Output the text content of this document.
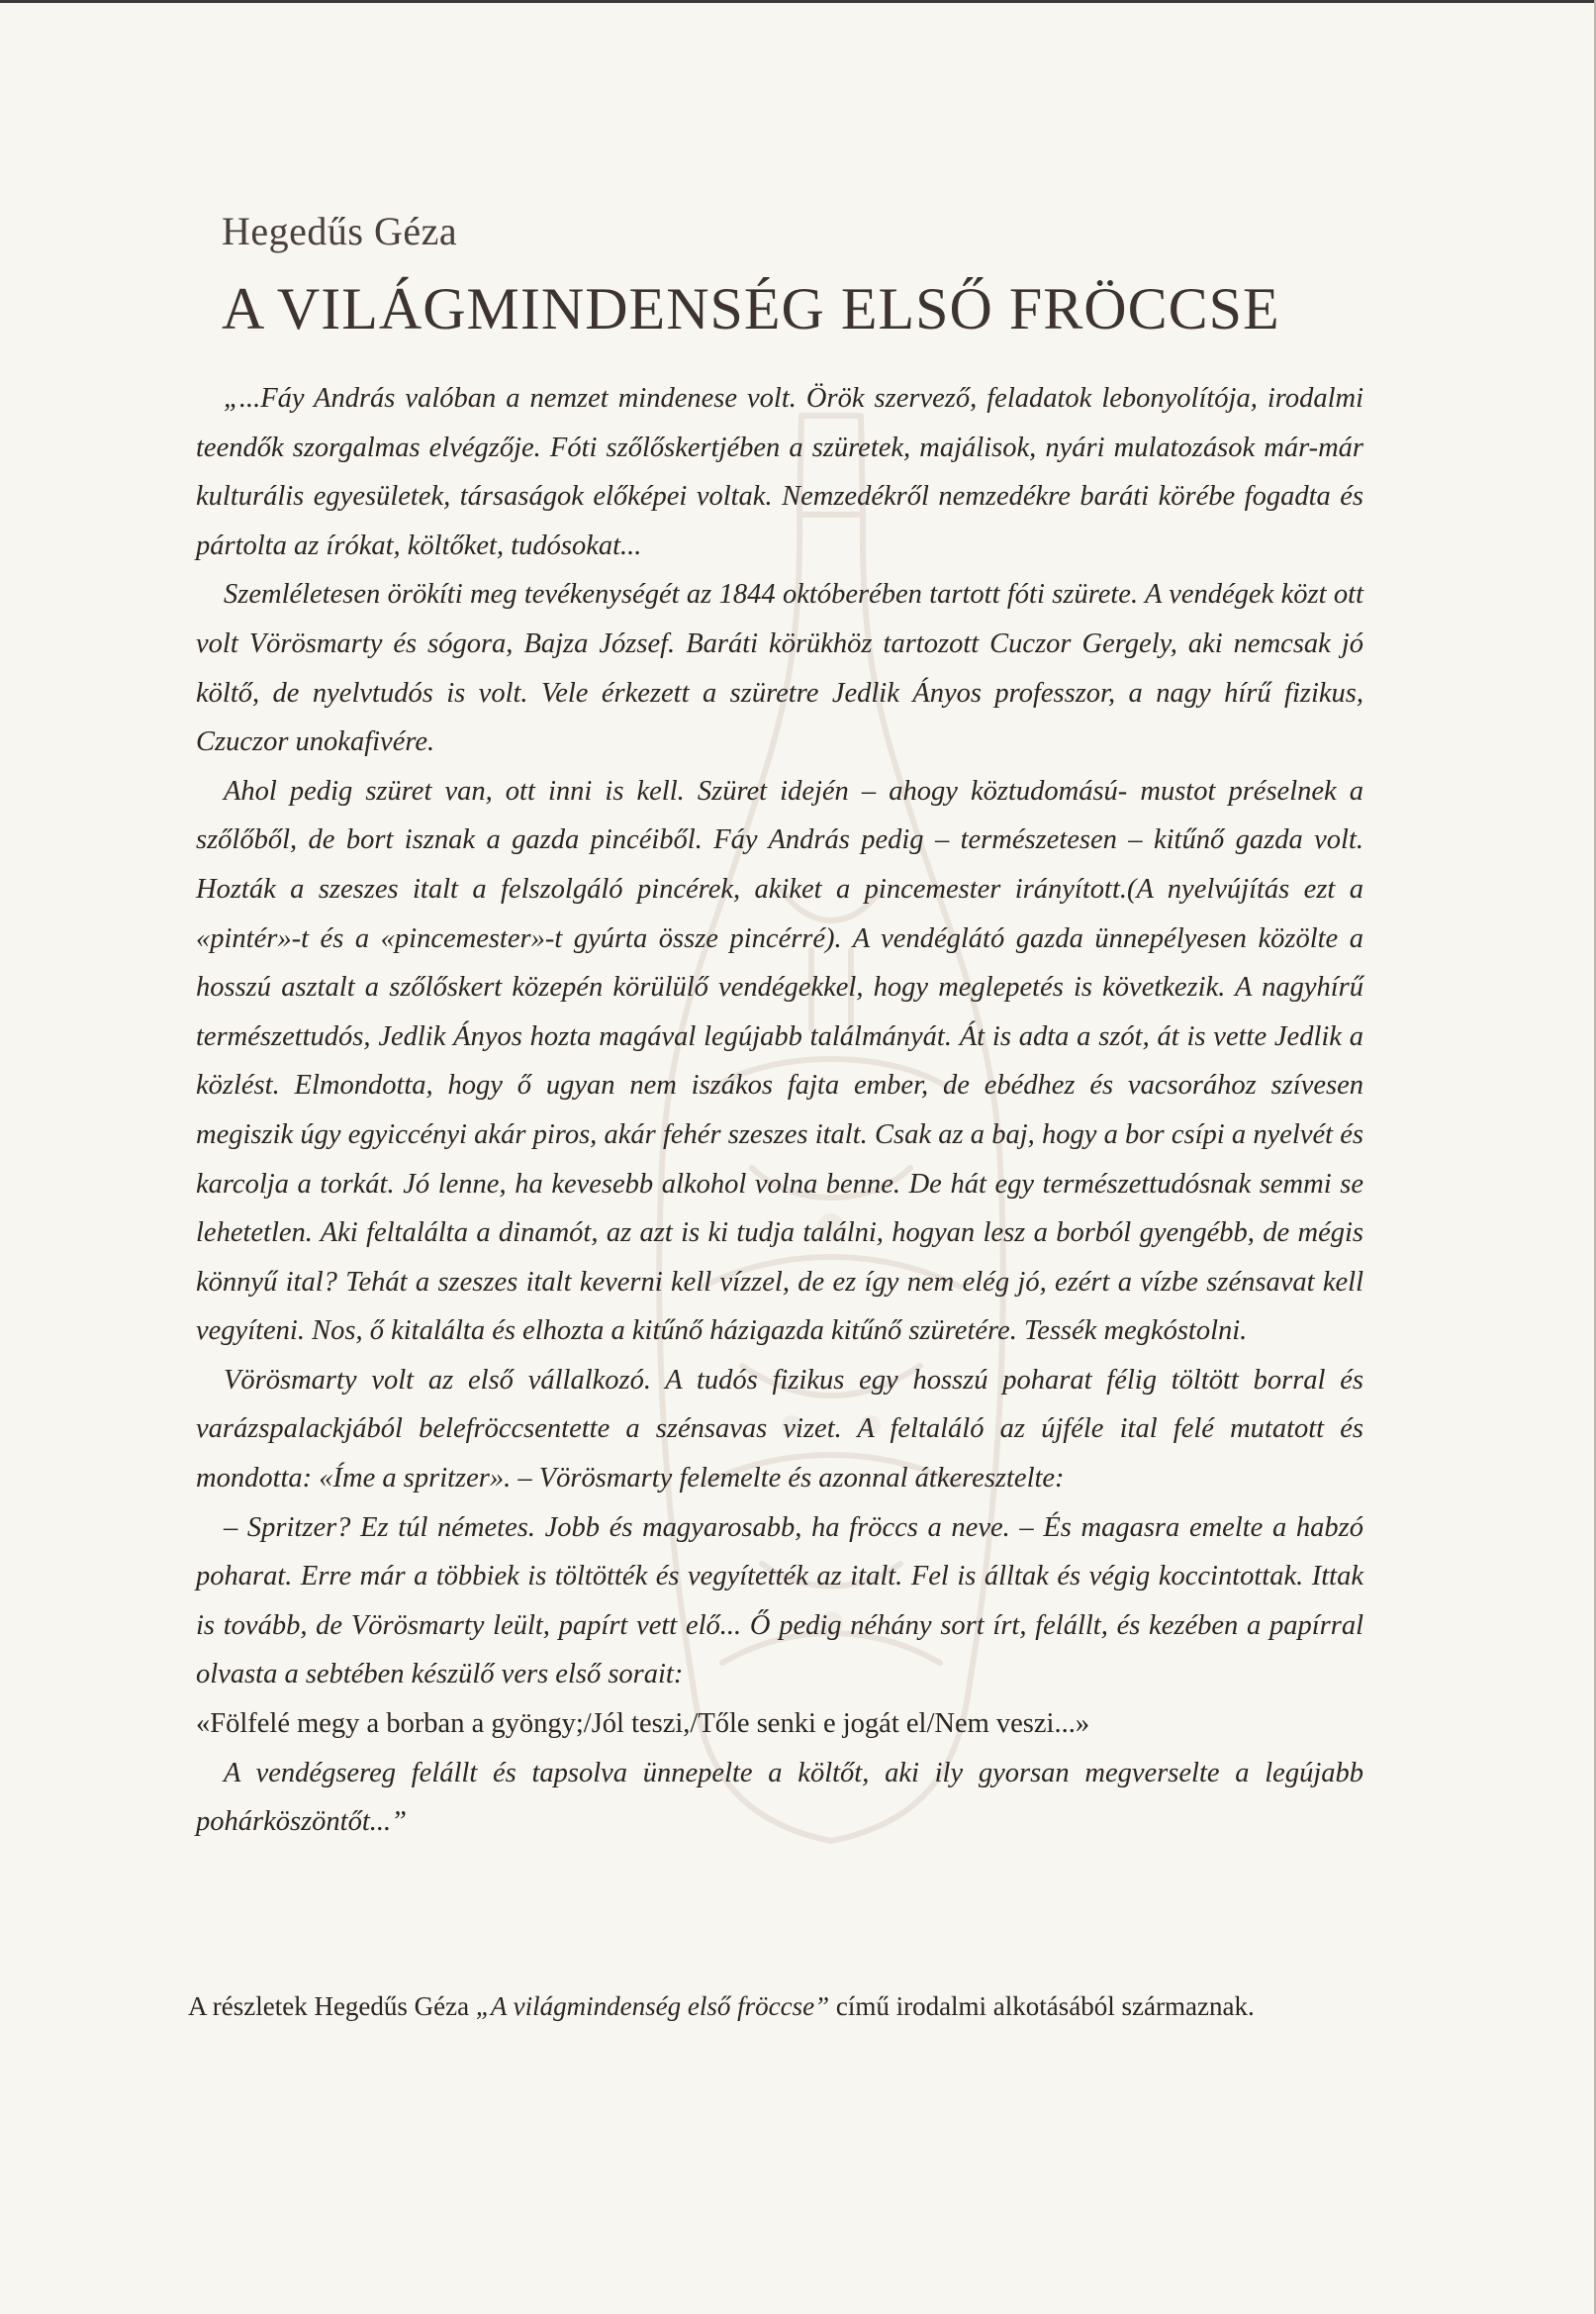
Hegedűs Géza
A VILÁGMINDENSÉG ELSŐ FRÖCCSE

„...Fáy András valóban a nemzet mindenese volt. Örök szervező, feladatok lebonyolítója, irodalmi teendők szorgalmas elvégzője. Fóti szőlőskertjében a szüretek, majálisok, nyári mulatozások már-már kulturális egyesületek, társaságok előképei voltak. Nemzedékről nemzedékre baráti körébe fogadta és pártolta az írókat, költőket, tudósokat...

Szemléletesen örökíti meg tevékenységét az 1844 októberében tartott fóti szürete. A vendégek közt ott volt Vörösmarty és sógora, Bajza József. Baráti körükhöz tartozott Cuczor Gergely, aki nemcsak jó költő, de nyelvtudós is volt. Vele érkezett a szüretre Jedlik Ányos professzor, a nagy hírű fizikus, Czuczor unokafivére.

Ahol pedig szüret van, ott inni is kell. Szüret idején – ahogy köztudomású- mustot préselnek a szőlőből, de bort isznak a gazda pincéiből. Fáy András pedig – természetesen – kitűnő gazda volt. Hozták a szeszes italt a felszolgáló pincérek, akiket a pincemester irányított.(A nyelvújítás ezt a «pintér»-t és a «pincemester»-t gyúrta össze pincérré). A vendéglátó gazda ünnepélyesen közölte a hosszú asztalt a szőlőskert közepén körülülő vendégekkel, hogy meglepetés is következik. A nagyhírű természettudós, Jedlik Ányos hozta magával legújabb találmányát. Át is adta a szót, át is vette Jedlik a közlést. Elmondotta, hogy ő ugyan nem iszákos fajta ember, de ebédhez és vacsorához szívesen megiszik úgy egyiccényi akár piros, akár fehér szeszes italt. Csak az a baj, hogy a bor csípi a nyelvét és karcolja a torkát. Jó lenne, ha kevesebb alkohol volna benne. De hát egy természettudósnak semmi se lehetetlen. Aki feltalálta a dinamót, az azt is ki tudja találni, hogyan lesz a borból gyengébb, de mégis könnyű ital? Tehát a szeszes italt keverni kell vízzel, de ez így nem elég jó, ezért a vízbe szénsavat kell vegyíteni. Nos, ő kitalálta és elhozta a kitűnő házigazda kitűnő szüretére. Tessék megkóstolni.

Vörösmarty volt az első vállalkozó. A tudós fizikus egy hosszú poharat félig töltött borral és varázspalackjából belefröccsentette a szénsavas vizet. A feltaláló az újféle ital felé mutatott és mondotta: «Íme a spritzer». – Vörösmarty felemelte és azonnal átkeresztelte:

– Spritzer? Ez túl németes. Jobb és magyarosabb, ha fröccs a neve. – És magasra emelte a habzó poharat. Erre már a többiek is töltötték és vegyítették az italt. Fel is álltak és végig koccintottak. Ittak is tovább, de Vörösmarty leült, papírt vett elő... Ő pedig néhány sort írt, felállt, és kezében a papírral olvasta a sebtében készülő vers első sorait:

«Fölfelé megy a borban a gyöngy;/Jól teszi,/Tőle senki e jogát el/Nem veszi...»

A vendégsereg felállt és tapsolva ünnepelte a költőt, aki ily gyorsan megverselte a legújabb pohárköszöntőt...”

A részletek Hegedűs Géza „A világmindenség első fröccse” című irodalmi alkotásából származnak.
